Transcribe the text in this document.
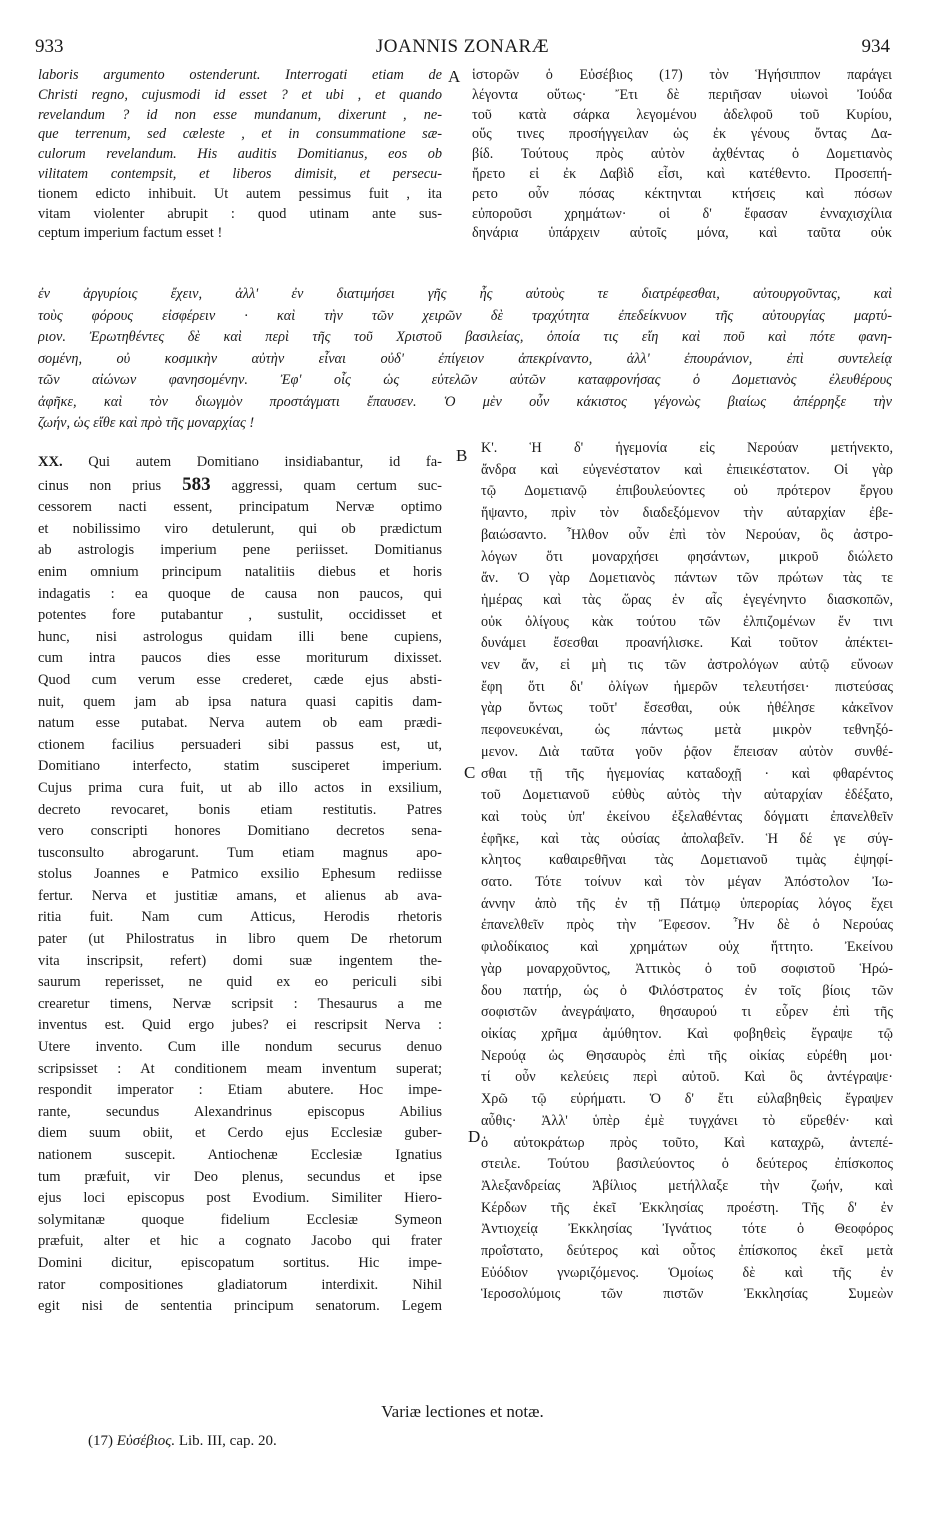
933	JOANNIS ZONARÆ	934
laboris argumento ostenderunt. Interrogati etiam de
Christi regno, cujusmodi id esset ? et ubi , et quando
revelandum ? id non esse mundanum, dixerunt , ne-
que terrenum, sed cæleste , et in consummatione sæ-
culorum revelandum. His auditis Domitianus, eos ob
vilitatem contempsit, et liberos dimisit, et persecu-
tionem edicto inhibuit. Ut autem pessimus fuit , ita
vitam violenter abrupit : quod utinam ante sus-
ceptum imperium factum esset !
ἱστορῶν ὁ Εὐσέβιος (17) τὸν Ἡγήσιππον παράγει
λέγοντα οὕτως· Ἔτι δὲ περιῆσαν υἱωνοὶ Ἰούδα
τοῦ κατὰ σάρκα λεγομένου ἀδελφοῦ τοῦ Κυρίου,
οὕς τινες προσήγγειλαν ὡς ἐκ γένους ὄντας Δα-
βίδ. Τούτους πρὸς αὐτὸν ἀχθέντας ὁ Δομετιανὸς
ἤρετο εἰ ἐκ Δαβὶδ εἶσι, καὶ κατέθεντο. Προσεπή-
ρετο οὖν πόσας κέκτηνται κτήσεις καὶ πόσων
εὐποροῦσι χρημάτων· οἱ δ' ἔφασαν ἐνναχισχίλια
δηνάρια ὑπάρχειν αὐτοῖς μόνα, καὶ ταῦτα οὐκ
ἐν ἀργυρίοις ἔχειν, ἀλλ' ἐν διατιμήσει γῆς ἧς αὐτοὺς τε διατρέφεσθαι, αὐτουργοῦντας, καὶ
τοὺς φόρους εἰσφέρειν · καὶ τὴν τῶν χειρῶν δὲ τραχύτητα ἐπεδείκνυον τῆς αὐτουργίας μαρτύ-
ριον. Ἐρωτηθέντες δὲ καὶ περὶ τῆς τοῦ Χριστοῦ βασιλείας, ὁποία τις εἴη καὶ ποῦ καὶ πότε φανη-
σομένη, οὐ κοσμικὴν αὐτὴν εἶναι οὐδ' ἐπίγειον ἀπεκρίναντο, ἀλλ' ἐπουράνιον, ἐπὶ συντελείᾳ
τῶν αἰώνων φανησομένην. Ἐφ' οἷς ὡς εὐτελῶν αὐτῶν καταφρονήσας ὁ Δομετιανὸς ἐλευθέρους
ἀφῆκε, καὶ τὸν διωγμὸν προστάγματι ἔπαυσεν. Ὁ μὲν οὖν κάκιστος γέγονὼς βιαίως ἀπέρρηξε τὴν
ζωήν, ὡς εἴθε καὶ πρὸ τῆς μοναρχίας !
XX. Qui autem Domitiano insidiabantur, id fa-
cinus non prius 583 aggressi, quam certum suc-
cessorem nacti essent, principatum Nervæ optimo
et nobilissimo viro detulerunt, qui ob prædictum
ab astrologis imperium pene periisset. Domitianus
enim omnium principum natalitiis diebus et horis
indagatis : ea quoque de causa non paucos, qui
potentes fore putabantur , sustulit, occidisset et
hunc, nisi astrologus quidam illi bene cupiens,
cum intra paucos dies esse moriturum dixisset.
Quod cum verum esse crederet, cæde ejus absti-
nuit, quem jam ab ipsa natura quasi capitis dam-
natum esse putabat. Nerva autem ob eam prædi-
ctionem facilius persuaderi sibi passus est, ut,
Domitiano interfecto, statim susciperet imperium.
Cujus prima cura fuit, ut ab illo actos in exsilium,
decreto revocaret, bonis etiam restitutis. Patres
vero conscripti honores Domitiano decretos sena-
tusconsulto abrogarunt. Tum etiam magnus apo-
stolus Joannes e Patmico exsilio Ephesum rediisse
fertur. Nerva et justitiæ amans, et alienus ab ava-
ritia fuit. Nam cum Atticus, Herodis rhetoris
pater (ut Philostratus in libro quem De rhetorum
vita inscripsit, refert) domi suæ ingentem the-
saurum reperisset, ne quid ex eo periculi sibi
crearetur timens, Nervæ scripsit : Thesaurus a me
inventus est. Quid ergo jubes? ei rescripsit Nerva :
Utere invento. Cum ille nondum securus denuo
scripsisset : At conditionem meam inventum superat;
respondit imperator : Etiam abutere. Hoc impe-
rante, secundus Alexandrinus episcopus Abilius
diem suum obiit, et Cerdo ejus Ecclesiæ guber-
nationem suscepit. Antiochenæ Ecclesiæ Ignatius
tum præfuit, vir Deo plenus, secundus et ipse
ejus loci episcopus post Evodium. Similiter Hiero-
solymitanæ quoque fidelium Ecclesiæ Symeon
præfuit, alter et hic a cognato Jacobo qui frater
Domini dicitur, episcopatum sortitus. Hic impe-
rator compositiones gladiatorum interdixit. Nihil
egit nisi de sententia principum senatorum. Legem
Κ'. Ἡ δ' ἡγεμονία εἰς Νερούαν μετήνεκτο,
ἄνδρα καὶ εὐγενέστατον καὶ ἐπιεικέστατον. Οἱ γὰρ
τῷ Δομετιανῷ ἐπιβουλεύοντες οὐ πρότερον ἔργου
ἥψαντο, πρὶν τὸν διαδεξόμενον τὴν αὐταρχίαν ἐβε-
βαιώσαντο. Ἦλθον οὖν ἐπὶ τὸν Νερούαν, ὃς ἀστρο-
λόγων ὅτι μοναρχήσει φησάντων, μικροῦ διώλετο
ἄν. Ὁ γὰρ Δομετιανὸς πάντων τῶν πρώτων τὰς τε
ἡμέρας καὶ τὰς ὥρας ἐν αἷς ἐγεγένηντο διασκοπῶν,
οὐκ ὀλίγους κὰκ τούτου τῶν ἐλπιζομένων ἔν τινι
δυνάμει ἔσεσθαι προανήλισκε. Καὶ τοῦτον ἀπέκτει-
νεν ἄν, εἰ μὴ τις τῶν ἀστρολόγων αὐτῷ εὔνοων
ἔφη ὅτι δι' ὀλίγων ἡμερῶν τελευτήσει· πιστεύσας
γὰρ ὄντως τοῦτ' ἔσεσθαι, οὐκ ἠθέλησε κἀκεῖνον
πεφονευκέναι, ὡς πάντως μετὰ μικρὸν τεθνηξό-
μενον. Διὰ ταῦτα γοῦν ῥᾷον ἔπεισαν αὐτὸν συνθέ-
σθαι τῇ τῆς ἡγεμονίας καταδοχῇ · καὶ φθαρέντος
τοῦ Δομετιανοῦ εὐθὺς αὐτὸς τὴν αὐταρχίαν ἐδέξατο,
καὶ τοὺς ὑπ' ἐκείνου ἐξελαθέντας δόγματι ἐπανελθεῖν
ἐφῆκε, καὶ τὰς οὐσίας ἀπολαβεῖν. Ἡ δέ γε σύγ-
κλητος καθαιρεθῆναι τὰς Δομετιανοῦ τιμὰς ἐψηφί-
σατο. Τότε τοίνυν καὶ τὸν μέγαν Ἀπόστολον Ἰω-
άννην ἀπὸ τῆς ἐν τῇ Πάτμῳ ὑπερορίας λόγος ἔχει
ἐπανελθεῖν πρὸς τὴν Ἔφεσον. Ἦν δὲ ὁ Νερούας
φιλοδίκαιος καὶ χρημάτων οὐχ ἥττητο. Ἐκείνου
γὰρ μοναρχοῦντος, Ἀττικὸς ὁ τοῦ σοφιστοῦ Ἡρώ-
δου πατήρ, ὡς ὁ Φιλόστρατος ἐν τοῖς βίοις τῶν
σοφιστῶν ἀνεγράψατο, θησαυρού τι εὗρεν ἐπὶ τῆς
οἰκίας χρῆμα ἀμύθητον. Καὶ φοβηθεὶς ἔγραψε τῷ
Νερούᾳ ὡς Θησαυρὸς ἐπὶ τῆς οἰκίας εὑρέθη μοι·
τί οὖν κελεύεις περὶ αὐτοῦ. Καὶ ὃς ἀντέγραψε·
Χρῶ τῷ εὑρήματι. Ὁ δ' ἔτι εὐλαβηθεὶς ἔγραψεν
αὖθις· Ἀλλ' ὑπὲρ ἐμὲ τυγχάνει τὸ εὕρεθέν· καὶ
ὁ αὐτοκράτωρ πρὸς τοῦτο, Καὶ καταχρῶ, ἀντεπέ-
στειλε. Τούτου βασιλεύοντος ὁ δεύτερος ἐπίσκοπος
Ἀλεξανδρείας Ἀβίλιος μετήλλαξε τὴν ζωήν, καὶ
Κέρδων τῆς ἐκεῖ Ἐκκλησίας προέστη. Τῆς δ' ἐν
Ἀντιοχείᾳ Ἐκκλησίας Ἰγνάτιος τότε ὁ Θεοφόρος
προΐστατο, δεύτερος καὶ οὗτος ἐπίσκοπος ἐκεῖ μετὰ
Εὐόδιον γνωριζόμενος. Ὁμοίως δὲ καὶ τῆς ἐν
Ἱεροσολύμοις τῶν πιστῶν Ἐκκλησίας Συμεὼν
A
B
C
D
Variæ lectiones et notæ.
(17) Εὐσέβιος. Lib. III, cap. 20.
